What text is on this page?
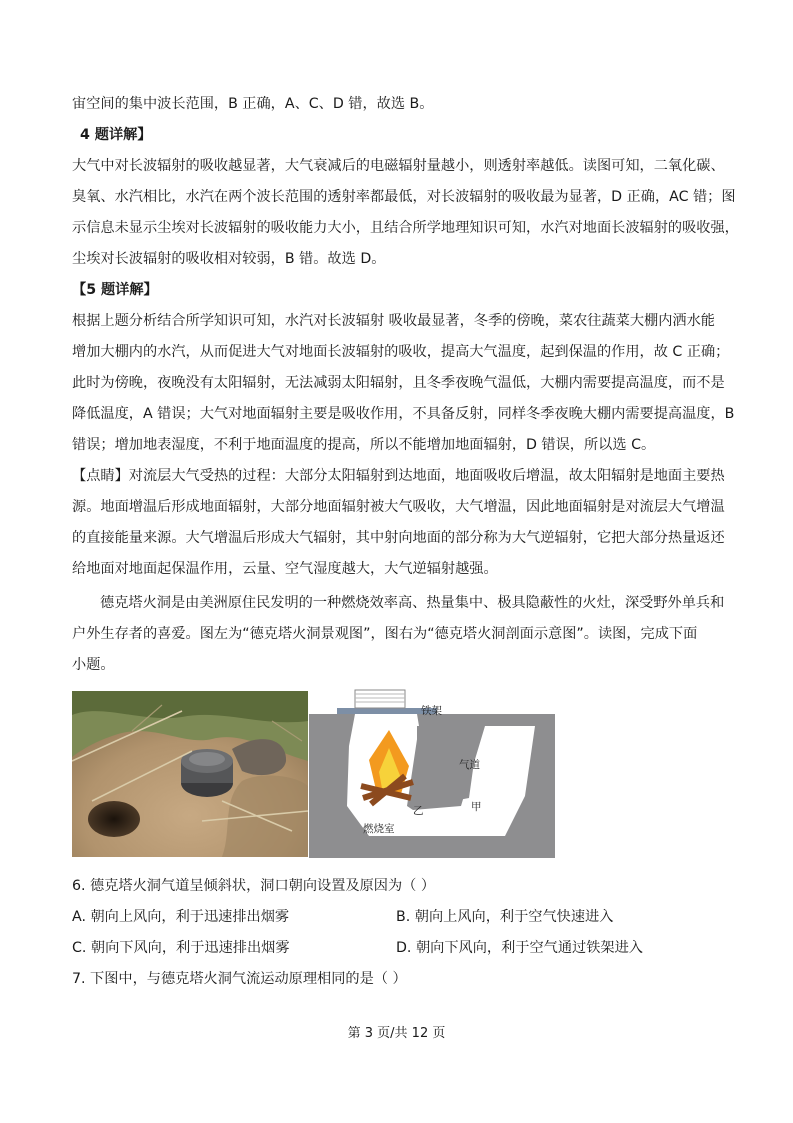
宙空间的集中波长范围，B 正确，A、C、D 错，故选 B。
4 题详解】
大气中对长波辐射的吸收越显著，大气衰减后的电磁辐射量越小，则透射率越低。读图可知，二氧化碳、
臭氧、水汽相比，水汽在两个波长范围的透射率都最低，对长波辐射的吸收最为显著，D 正确，AC 错；图
示信息未显示尘埃对长波辐射的吸收能力大小，且结合所学地理知识可知，水汽对地面长波辐射的吸收强，
尘埃对长波辐射的吸收相对较弱，B 错。故选 D。
【5 题详解】
根据上题分析结合所学知识可知，水汽对长波辐射 吸收最显著，冬季的傍晚，菜农往蔬菜大棚内洒水能
增加大棚内的水汽，从而促进大气对地面长波辐射的吸收，提高大气温度，起到保温的作用，故 C 正确；
此时为傍晚，夜晚没有太阳辐射，无法减弱太阳辐射，且冬季夜晚气温低，大棚内需要提高温度，而不是
降低温度，A 错误；大气对地面辐射主要是吸收作用，不具备反射，同样冬季夜晚大棚内需要提高温度，B
错误；增加地表湿度，不利于地面温度的提高，所以不能增加地面辐射，D 错误，所以选 C。
【点睛】对流层大气受热的过程：大部分太阳辐射到达地面，地面吸收后增温，故太阳辐射是地面主要热
源。地面增温后形成地面辐射，大部分地面辐射被大气吸收，大气增温，因此地面辐射是对流层大气增温
的直接能量来源。大气增温后形成大气辐射，其中射向地面的部分称为大气逆辐射，它把大部分热量返还
给地面对地面起保温作用，云量、空气湿度越大，大气逆辐射越强。
德克塔火洞是由美洲原住民发明的一种燃烧效率高、热量集中、极具隐蔽性的火灶，深受野外单兵和
户外生存者的喜爱。图左为“德克塔火洞景观图”，图右为“德克塔火洞剖面示意图”。读图，完成下面
小题。
铁架
气道
甲
乙
燃烧室
6. 德克塔火洞气道呈倾斜状，洞口朝向设置及原因为（ ）
A. 朝向上风向，利于迅速排出烟雾	B. 朝向上风向，利于空气快速进入
C. 朝向下风向，利于迅速排出烟雾	D. 朝向下风向，利于空气通过铁架进入
7. 下图中，与德克塔火洞气流运动原理相同的是（ ）
第 3 页/共 12 页
